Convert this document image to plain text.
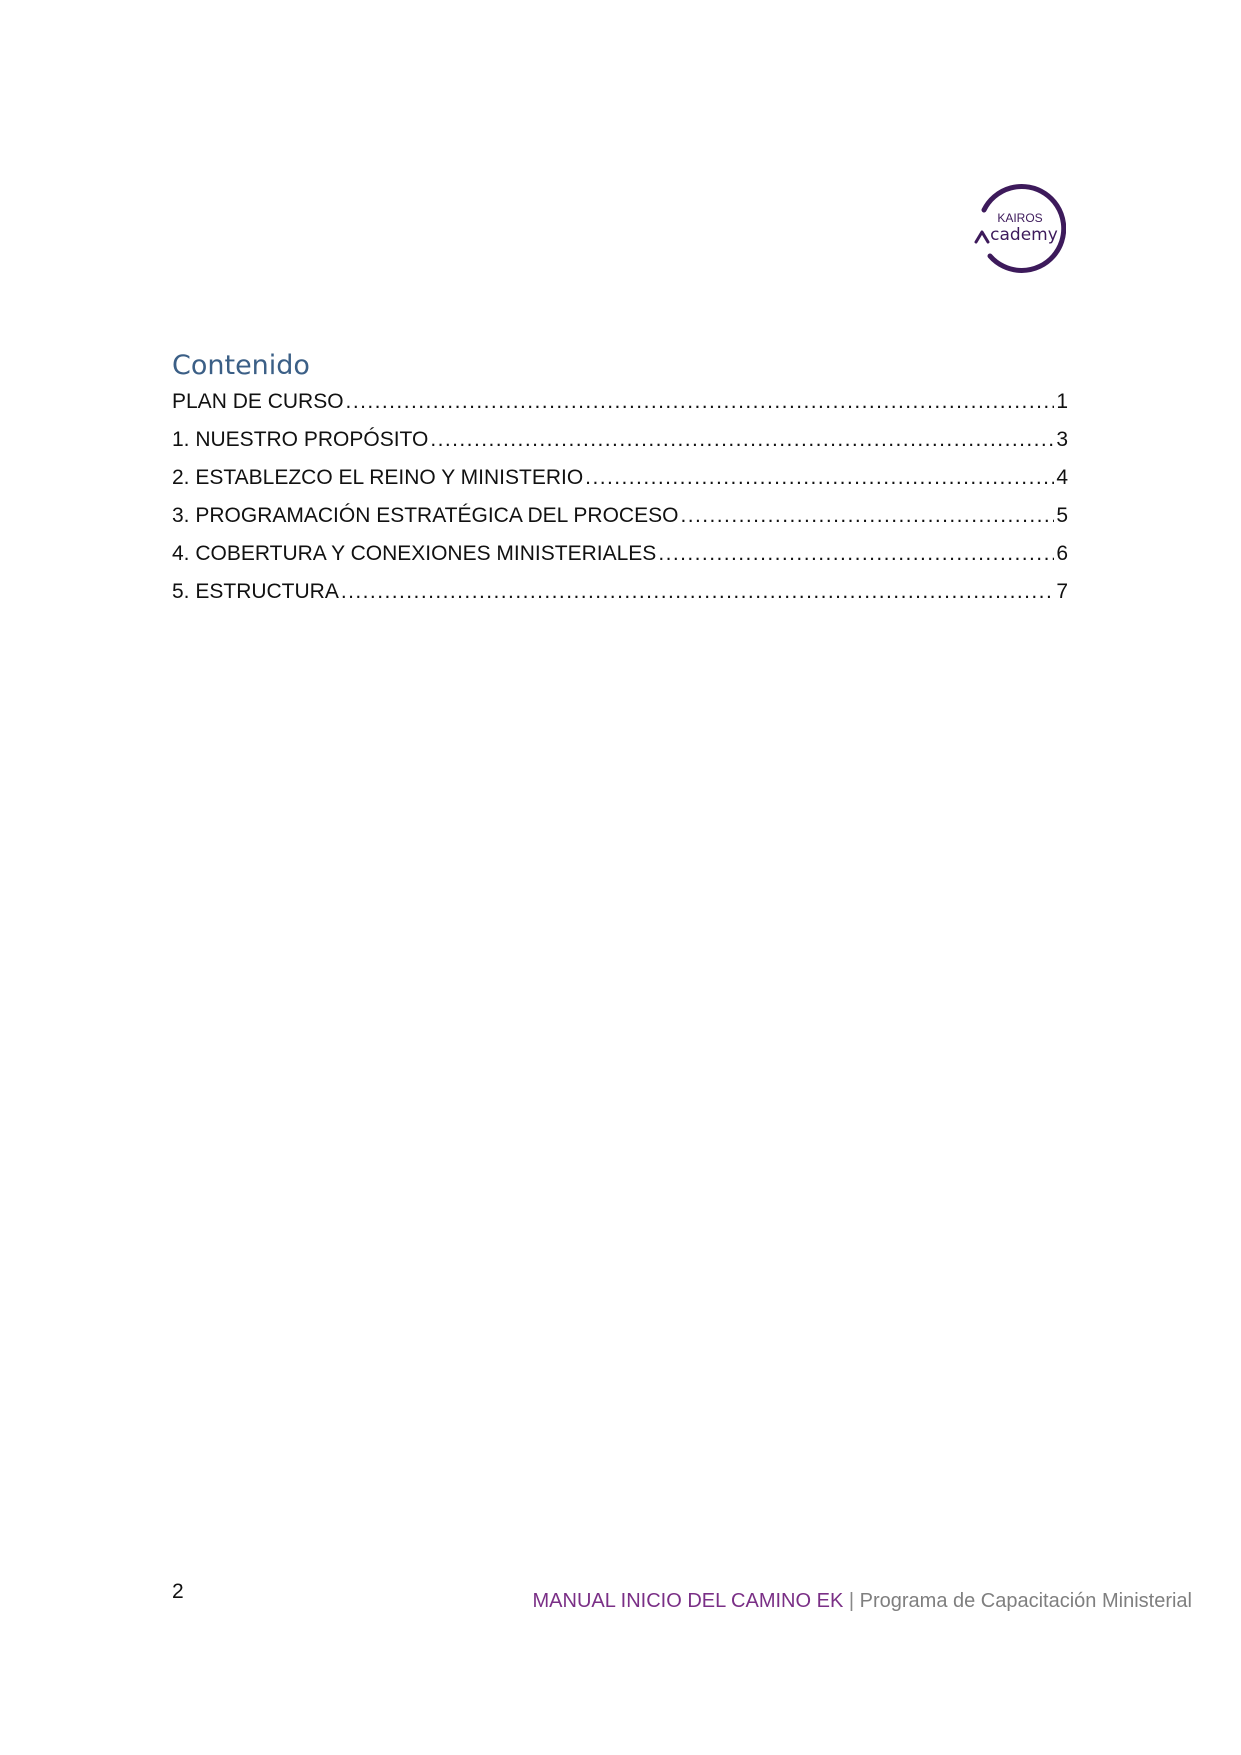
KAIROS
cademy
Contenido
PLAN DE CURSO . . .	1
1. NUESTRO PROPÓSITO . . .	3
2. ESTABLEZCO EL REINO Y MINISTERIO . . .	4
3. PROGRAMACIÓN ESTRATÉGICA DEL PROCESO . . .	5
4. COBERTURA Y CONEXIONES MINISTERIALES . . .	6
5. ESTRUCTURA . . .	7
2	MANUAL INICIO DEL CAMINO EK | Programa de Capacitación Ministerial
